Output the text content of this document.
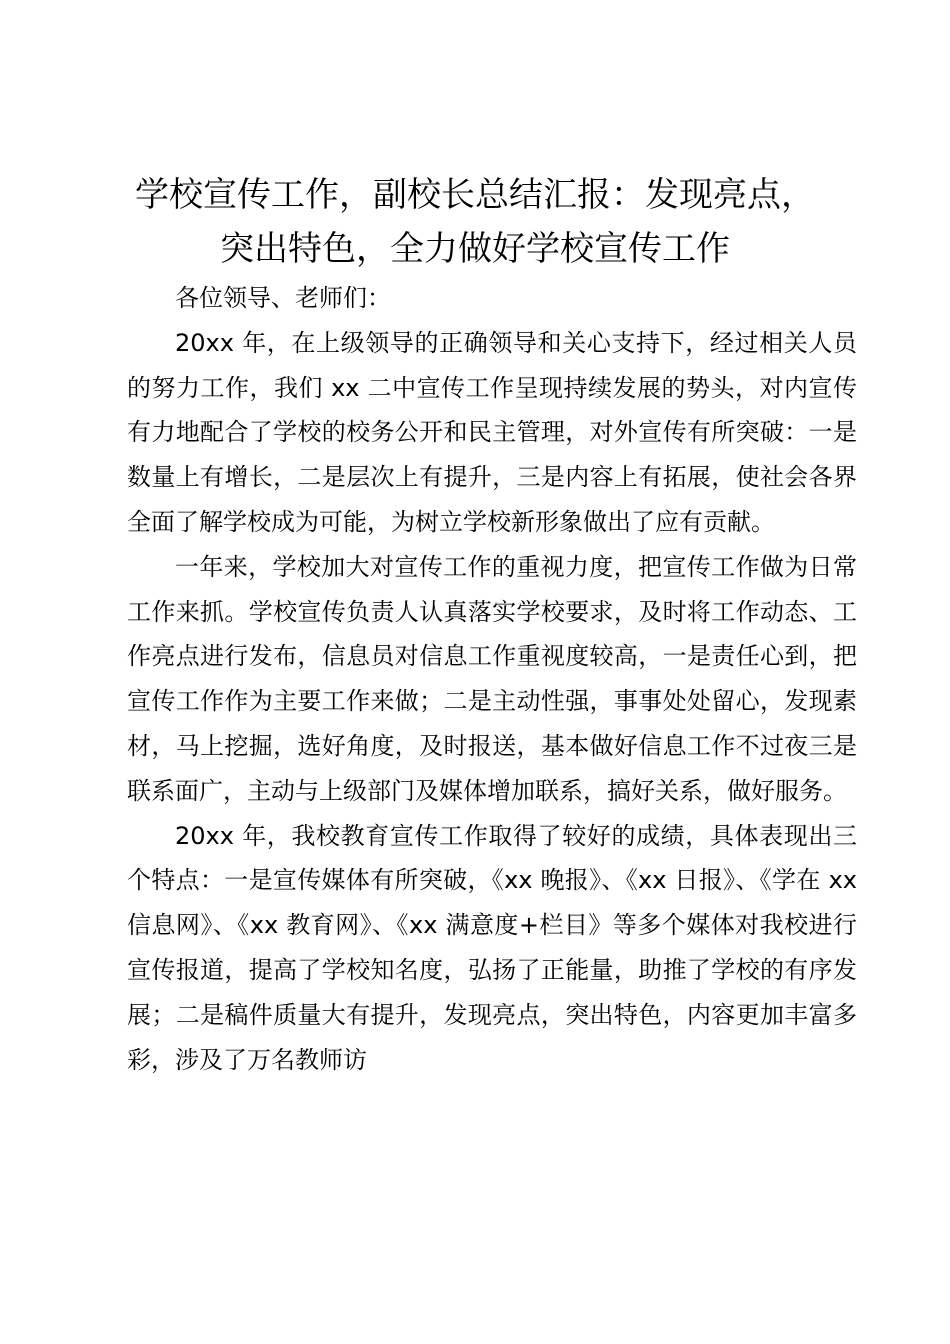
学校宣传工作，副校长总结汇报：发现亮点，
突出特色，全力做好学校宣传工作

各位领导、老师们：

20xx 年，在上级领导的正确领导和关心支持下，经过相关人员的努力工作，我们 xx 二中宣传工作呈现持续发展的势头，对内宣传有力地配合了学校的校务公开和民主管理，对外宣传有所突破：一是数量上有增长，二是层次上有提升，三是内容上有拓展，使社会各界全面了解学校成为可能，为树立学校新形象做出了应有贡献。

一年来，学校加大对宣传工作的重视力度，把宣传工作做为日常工作来抓。学校宣传负责人认真落实学校要求，及时将工作动态、工作亮点进行发布，信息员对信息工作重视度较高，一是责任心到，把宣传工作作为主要工作来做；二是主动性强，事事处处留心，发现素材，马上挖掘，选好角度，及时报送，基本做好信息工作不过夜三是联系面广，主动与上级部门及媒体增加联系，搞好关系，做好服务。

20xx 年，我校教育宣传工作取得了较好的成绩，具体表现出三个特点：一是宣传媒体有所突破，《xx 晚报》、《xx 日报》、《学在 xx 信息网》、《xx 教育网》、《xx 满意度+栏目》等多个媒体对我校进行宣传报道，提高了学校知名度，弘扬了正能量，助推了学校的有序发展；二是稿件质量大有提升，发现亮点，突出特色，内容更加丰富多彩，涉及了万名教师访
